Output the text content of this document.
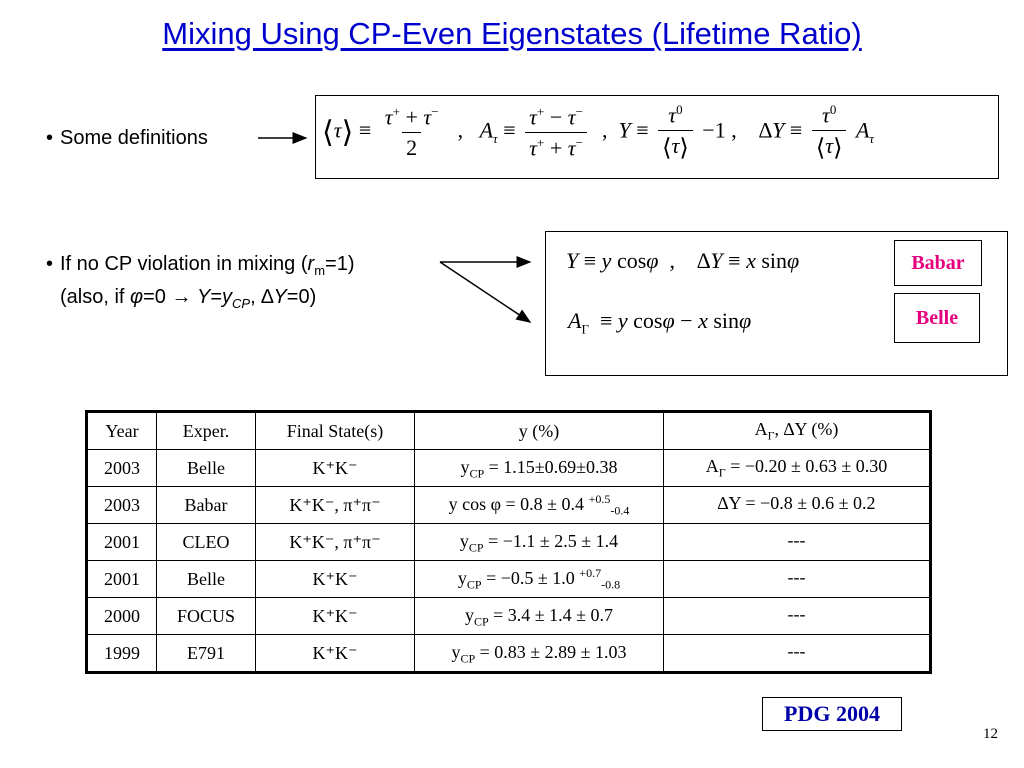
Mixing Using CP-Even Eigenstates (Lifetime Ratio)
• Some definitions	⟨τ⟩ ≡ $\frac{\tau^+ + \tau^-}{2}$ ,   $A_\tau \equiv \frac{\tau^+ - \tau^-}{\tau^+ + \tau^-}$ ,  $Y \equiv \frac{\tau^0}{⟨\tau⟩} -1$ ,    $\Delta Y \equiv \frac{\tau^0}{⟨\tau⟩} A_\tau$
• If no CP violation in mixing $(r_m=1)$
(also, if $\varphi=0 \to Y=y_{CP}$, ∆Y=0)
Y ≡ y cosφ  ,    ∆Y ≡ x sinφ
$A_\Gamma \equiv y$ cosφ − x sinφ
Babar
Belle
Year	Exper.	Final State(s)	y (%)	$A_\Gamma$, ∆Y (%)
2003	Belle	K⁺K⁻	$y_{CP} = 1.15\pm 0.69\pm 0.38$	$A_\Gamma = -0.20 \pm 0.63 \pm 0.30$
2003	Babar	K⁺K⁻, π⁺π⁻	y cos φ = 0.8 ± 0.4 $^{+0.5}_{-0.4}$	∆Y = −0.8 ± 0.6 ± 0.2
2001	CLEO	K⁺K⁻, π⁺π⁻	$y_{CP} = -1.1 \pm 2.5 \pm 1.4$	---
2001	Belle	K⁺K⁻	$y_{CP} = -0.5 \pm 1.0$ $^{+0.7}_{-0.8}$	---
2000	FOCUS	K⁺K⁻	$y_{CP} = 3.4 \pm 1.4 \pm 0.7$	---
1999	E791	K⁺K⁻	$y_{CP} = 0.83 \pm 2.89 \pm 1.03$	---
PDG 2004
12
